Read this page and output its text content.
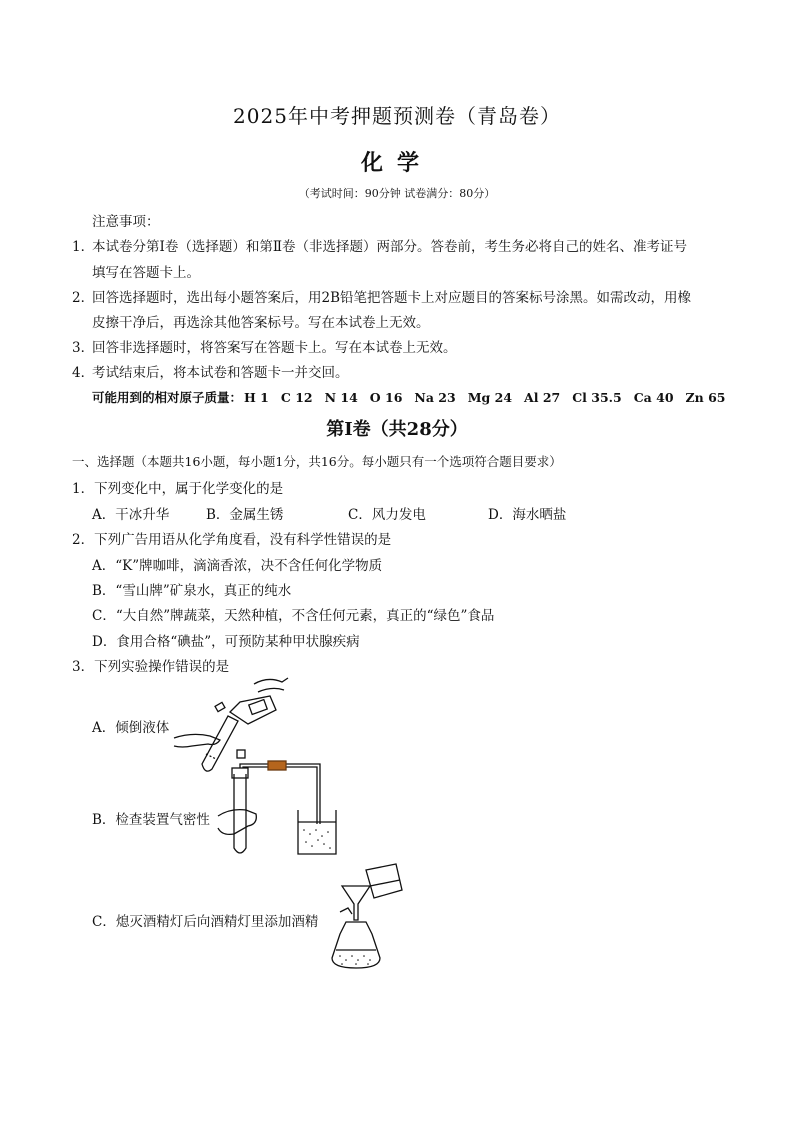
2025年中考押题预测卷（青岛卷）
化学
（考试时间：90分钟 试卷满分：80分）
注意事项：
1．
本试卷分第Ⅰ卷（选择题）和第Ⅱ卷（非选择题）两部分。答卷前，考生务必将自己的姓名、准考证号
填写在答题卡上。
2．
回答选择题时，选出每小题答案后，用2B铅笔把答题卡上对应题目的答案标号涂黑。如需改动，用橡
皮擦干净后，再选涂其他答案标号。写在本试卷上无效。
3．
回答非选择题时，将答案写在答题卡上。写在本试卷上无效。
4．
考试结束后，将本试卷和答题卡一并交回。
可能用到的相对原子质量： H 1 C 12 N 14 O 16 Na 23 Mg 24 Al 27 Cl 35.5 Ca 40 Zn 65
第Ⅰ卷（共28分）
一、选择题（本题共16小题，每小题1分，共16分。每小题只有一个选项符合题目要求）
1．下列变化中，属于化学变化的是
A．干冰升华	B．金属生锈	C．风力发电	D．海水晒盐
2．下列广告用语从化学角度看，没有科学性错误的是
A．“K”牌咖啡，滴滴香浓，决不含任何化学物质
B．“雪山牌”矿泉水，真正的纯水
C．“大自然”牌蔬菜，天然种植，不含任何元素，真正的“绿色”食品
D．食用合格“碘盐”，可预防某种甲状腺疾病
3．下列实验操作错误的是
A．倾倒液体
B．检查装置气密性
C．熄灭酒精灯后向酒精灯里添加酒精
